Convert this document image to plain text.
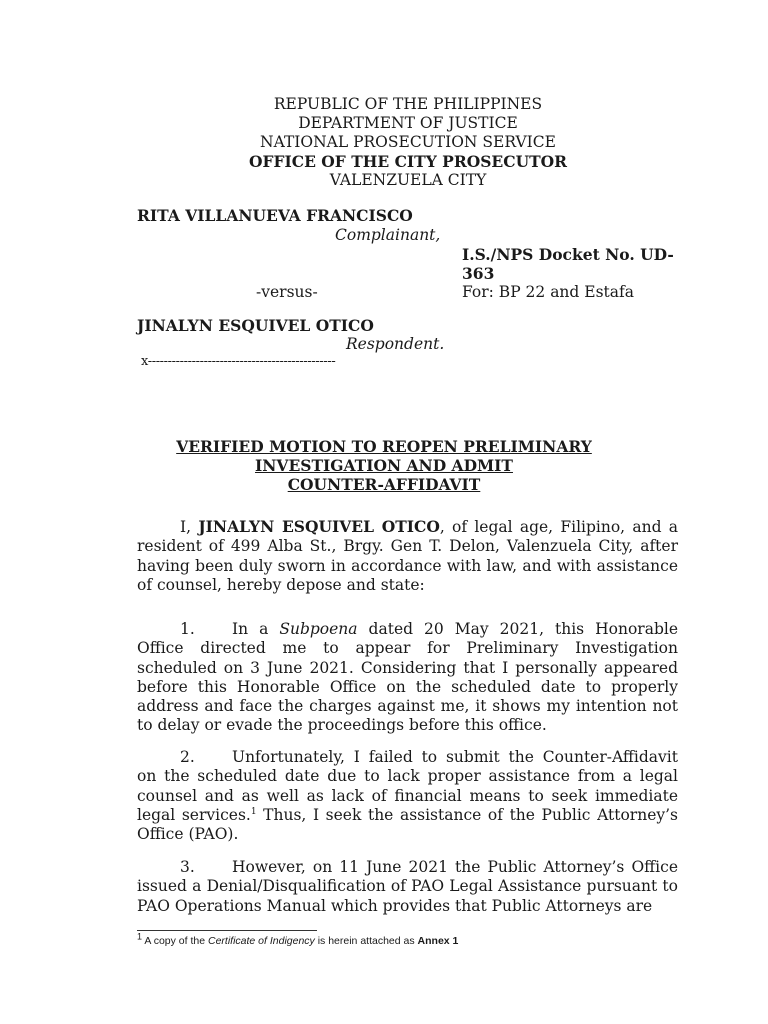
REPUBLIC OF THE PHILIPPINES
DEPARTMENT OF JUSTICE
NATIONAL PROSECUTION SERVICE
OFFICE OF THE CITY PROSECUTOR
VALENZUELA CITY
RITA VILLANUEVA FRANCISCO
Complainant,
I.S./NPS Docket No. UD-
363
-versus-	For: BP 22 and Estafa
JINALYN ESQUIVEL OTICO
Respondent.
x-----------------------------------------------
VERIFIED MOTION TO REOPEN PRELIMINARY
INVESTIGATION AND ADMIT
COUNTER-AFFIDAVIT
I, JINALYN ESQUIVEL OTICO, of legal age, Filipino, and a resident of 499 Alba St., Brgy. Gen T. Delon, Valenzuela City, after having been duly sworn in accordance with law, and with assistance of counsel, hereby depose and state:
1. In a Subpoena dated 20 May 2021, this Honorable Office directed me to appear for Preliminary Investigation scheduled on 3 June 2021. Considering that I personally appeared before this Honorable Office on the scheduled date to properly address and face the charges against me, it shows my intention not to delay or evade the proceedings before this office.
2. Unfortunately, I failed to submit the Counter-Affidavit on the scheduled date due to lack proper assistance from a legal counsel and as well as lack of financial means to seek immediate legal services.$^1$ Thus, I seek the assistance of the Public Attorney’s Office (PAO).
3. However, on 11 June 2021 the Public Attorney’s Office issued a Denial/Disqualification of PAO Legal Assistance pursuant to PAO Operations Manual which provides that Public Attorneys are
$^1$ A copy of the Certificate of Indigency is herein attached as Annex 1
